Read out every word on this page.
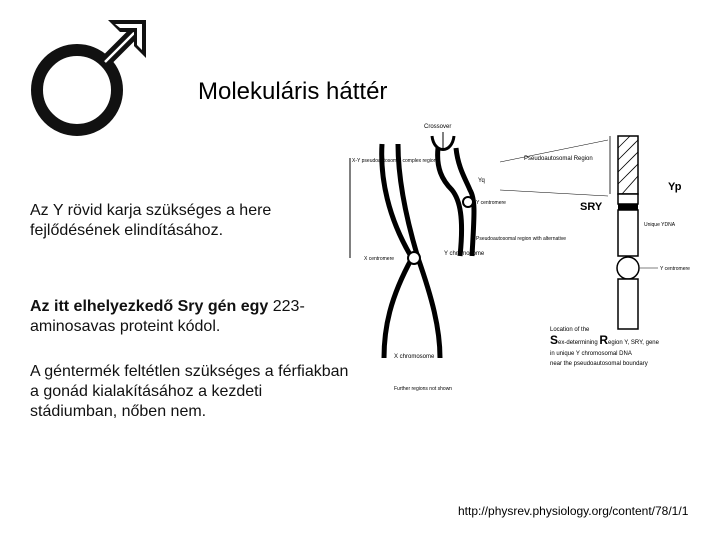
Molekuláris háttér
Az Y rövid karja szükséges a here fejlődésének elindításához.
Az itt elhelyezkedő Sry gén egy 223-aminosavas proteint kódol.
A géntermék feltétlen szükséges a férfiakban a gonád kialakításához a kezdeti stádiumban, nőben nem.
Crossover
X-Y pseudoautosomal complex region	Pseudoautosomal Region
Yp
SRY
Y centromere
Yq
Pseudoautosomal region with alternative
Y chromosome
X centromere
Unique YDNA
Y centromere
X chromosome
Further regions not shown
Location of the
Sex-determining Region Y, SRY, gene
in unique Y chromosomal DNA
near the pseudoautosomal boundary
http://physrev.physiology.org/content/78/1/1
